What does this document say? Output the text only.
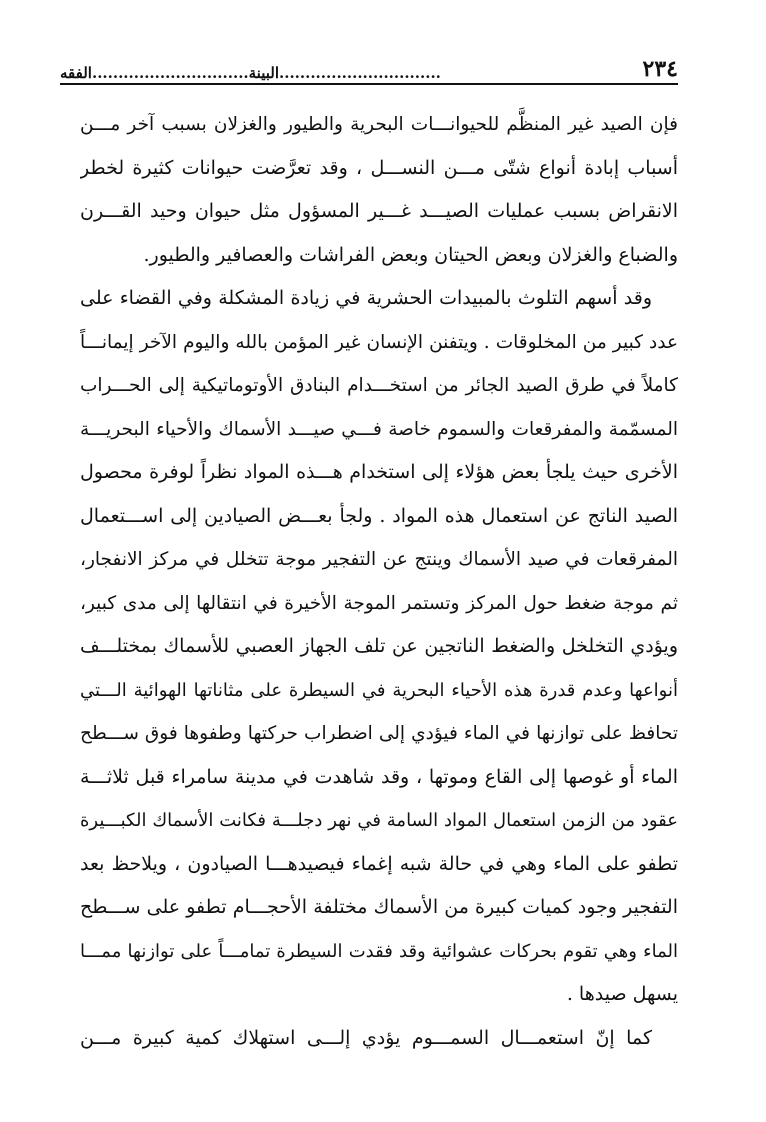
٢٣٤
...............................
البينة
..............................
الفقه
فإن الصيد غير المنظَّم للحيوانـــات البحرية والطيور والغزلان بسبب آخر مـــن
أسباب إبادة أنواع شتّى مـــن النســـل ، وقد تعرَّضت حيوانات كثيرة لخطر
الانقراض بسبب عمليات الصيـــد غـــير المسؤول مثل حيوان وحيد القـــرن
والضباع والغزلان وبعض الحيتان وبعض الفراشات والعصافير والطيور.
وقد أسهم التلوث بالمبيدات الحشرية في زيادة المشكلة وفي القضاء على
عدد كبير من المخلوقات . ويتفنن الإنسان غير المؤمن بالله واليوم الآخر إيمانـــاً
كاملاً في طرق الصيد الجائر من استخـــدام البنادق الأوتوماتيكية إلى الحـــراب
المسمّمة والمفرقعات والسموم خاصة فـــي صيـــد الأسماك والأحياء البحريـــة
الأخرى حيث يلجأ بعض هؤلاء إلى استخدام هـــذه المواد نظراً لوفرة محصول
الصيد الناتج عن استعمال هذه المواد . ولجأ بعـــض الصيادين إلى اســـتعمال
المفرقعات في صيد الأسماك وينتج عن التفجير موجة تتخلل في مركز الانفجار،
ثم موجة ضغط حول المركز وتستمر الموجة الأخيرة في انتقالها إلى مدى كبير،
ويؤدي التخلخل والضغط الناتجين عن تلف الجهاز العصبي للأسماك بمختلـــف
أنواعها وعدم قدرة هذه الأحياء البحرية في السيطرة على مثاناتها الهوائية الـــتي
تحافظ على توازنها في الماء فيؤدي إلى اضطراب حركتها وطفوها فوق ســـطح
الماء أو غوصها إلى القاع وموتها ، وقد شاهدت في مدينة سامراء قبل ثلاثـــة
عقود من الزمن استعمال المواد السامة في نهر دجلـــة فكانت الأسماك الكبـــيرة
تطفو على الماء وهي في حالة شبه إغماء فيصيدهـــا الصيادون ، ويلاحظ بعد
التفجير وجود كميات كبيرة من الأسماك مختلفة الأحجـــام تطفو على ســـطح
الماء وهي تقوم بحركات عشوائية وقد فقدت السيطرة تمامـــاً على توازنها ممـــا
يسهل صيدها .
كما إنّ استعمـــال السمـــوم يؤدي إلـــى استهلاك كمية كبيرة مـــن
